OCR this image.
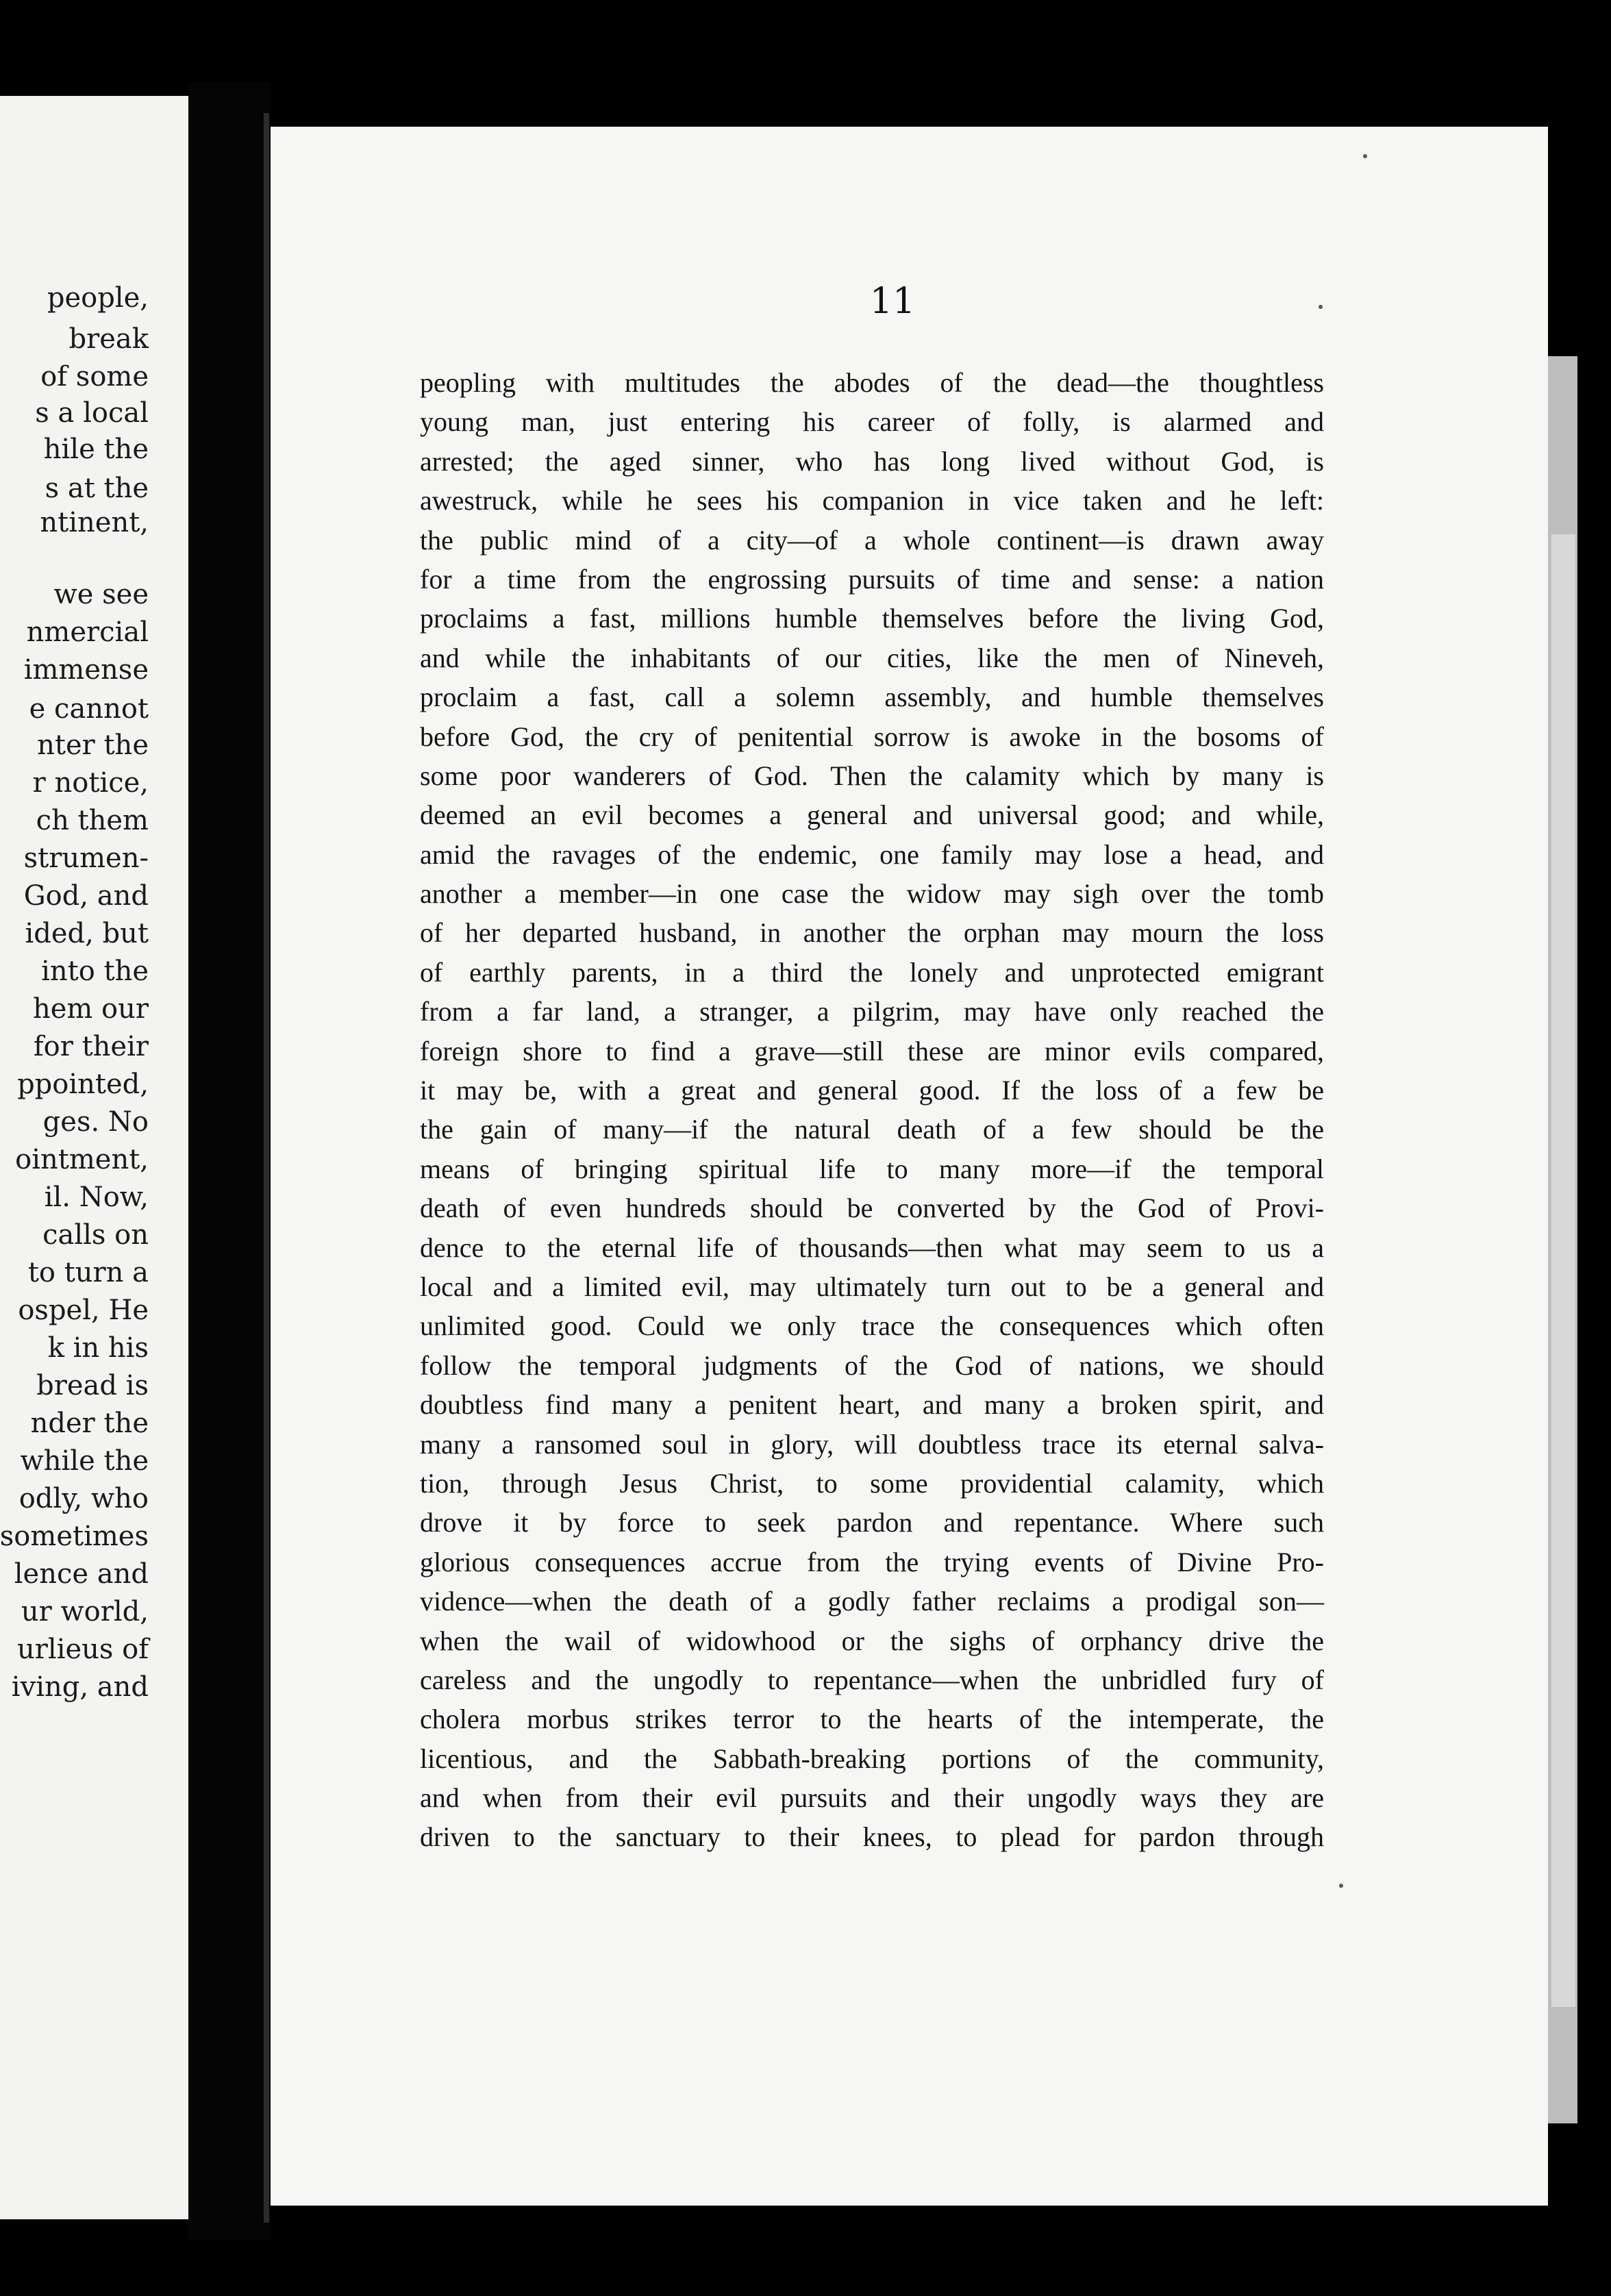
people,
break
of some
s a local
hile the
s at the
ntinent,
we see
nmercial
immense
e cannot
nter the
r notice,
ch them
strumen-
God, and
ided, but
into the
hem our
for their
ppointed,
ges. No
ointment,
il. Now,
calls on
to turn a
ospel, He
k in his
bread is
nder the
while the
odly, who
sometimes
lence and
ur world,
urlieus of
iving, and
11
peopling with multitudes the abodes of the dead—the thoughtless
young man, just entering his career of folly, is alarmed and
arrested; the aged sinner, who has long lived without God, is
awestruck, while he sees his companion in vice taken and he left:
the public mind of a city—of a whole continent—is drawn away
for a time from the engrossing pursuits of time and sense: a nation
proclaims a fast, millions humble themselves before the living God,
and while the inhabitants of our cities, like the men of Nineveh,
proclaim a fast, call a solemn assembly, and humble themselves
before God, the cry of penitential sorrow is awoke in the bosoms of
some poor wanderers of God. Then the calamity which by many is
deemed an evil becomes a general and universal good; and while,
amid the ravages of the endemic, one family may lose a head, and
another a member—in one case the widow may sigh over the tomb
of her departed husband, in another the orphan may mourn the loss
of earthly parents, in a third the lonely and unprotected emigrant
from a far land, a stranger, a pilgrim, may have only reached the
foreign shore to find a grave—still these are minor evils compared,
it may be, with a great and general good. If the loss of a few be
the gain of many—if the natural death of a few should be the
means of bringing spiritual life to many more—if the temporal
death of even hundreds should be converted by the God of Provi-
dence to the eternal life of thousands—then what may seem to us a
local and a limited evil, may ultimately turn out to be a general and
unlimited good. Could we only trace the consequences which often
follow the temporal judgments of the God of nations, we should
doubtless find many a penitent heart, and many a broken spirit, and
many a ransomed soul in glory, will doubtless trace its eternal salva-
tion, through Jesus Christ, to some providential calamity, which
drove it by force to seek pardon and repentance. Where such
glorious consequences accrue from the trying events of Divine Pro-
vidence—when the death of a godly father reclaims a prodigal son—
when the wail of widowhood or the sighs of orphancy drive the
careless and the ungodly to repentance—when the unbridled fury of
cholera morbus strikes terror to the hearts of the intemperate, the
licentious, and the Sabbath-breaking portions of the community,
and when from their evil pursuits and their ungodly ways they are
driven to the sanctuary to their knees, to plead for pardon through
